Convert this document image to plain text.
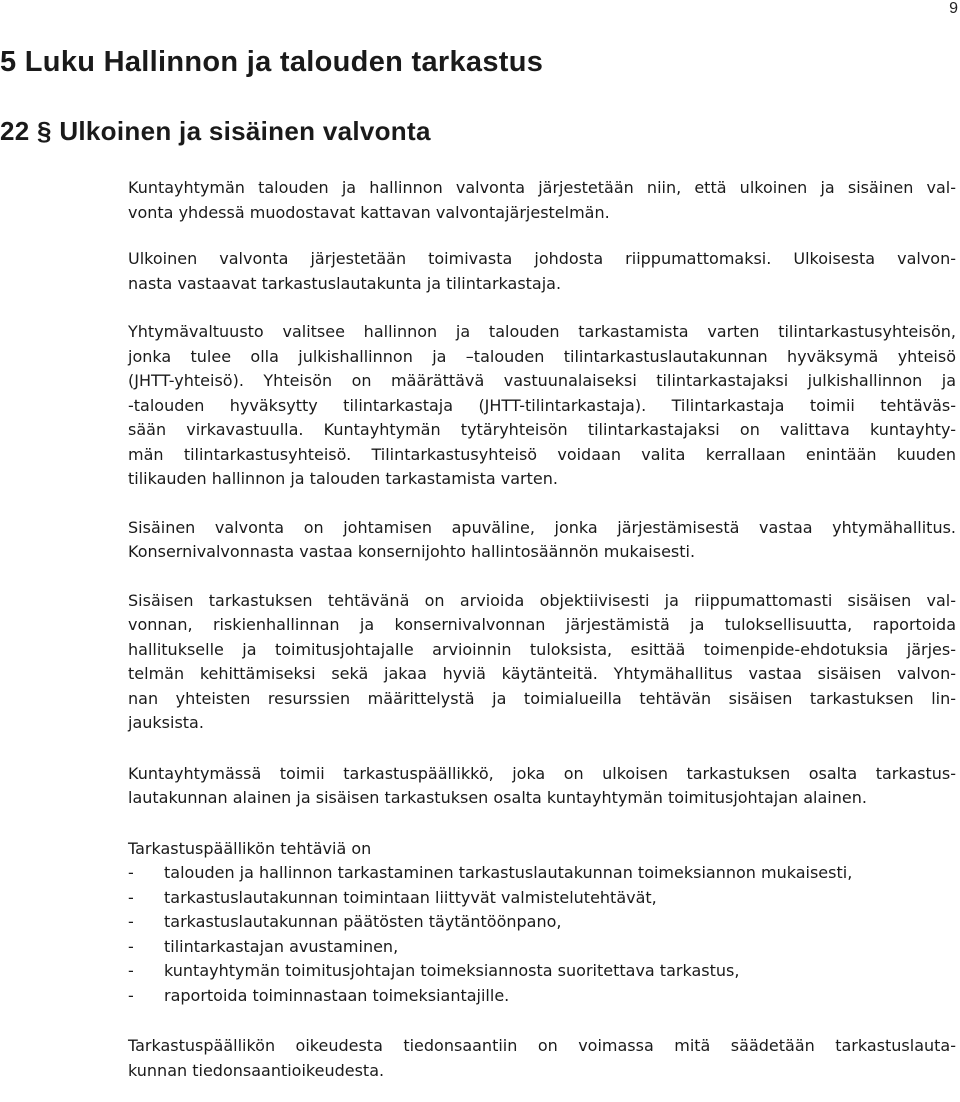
9
5 Luku Hallinnon ja talouden tarkastus
22 § Ulkoinen ja sisäinen valvonta

Kuntayhtymän talouden ja hallinnon valvonta järjestetään niin, että ulkoinen ja sisäinen val-
vonta yhdessä muodostavat kattavan valvontajärjestelmän.

Ulkoinen valvonta järjestetään toimivasta johdosta riippumattomaksi. Ulkoisesta valvon-
nasta vastaavat tarkastuslautakunta ja tilintarkastaja.

Yhtymävaltuusto valitsee hallinnon ja talouden tarkastamista varten tilintarkastusyhteisön,
jonka tulee olla julkishallinnon ja –talouden tilintarkastuslautakunnan hyväksymä yhteisö
(JHTT-yhteisö). Yhteisön on määrättävä vastuunalaiseksi tilintarkastajaksi julkishallinnon ja
-talouden hyväksytty tilintarkastaja (JHTT-tilintarkastaja). Tilintarkastaja toimii tehtäväs-
sään virkavastuulla. Kuntayhtymän tytäryhteisön tilintarkastajaksi on valittava kuntayhty-
män tilintarkastusyhteisö. Tilintarkastusyhteisö voidaan valita kerrallaan enintään kuuden
tilikauden hallinnon ja talouden tarkastamista varten.

Sisäinen valvonta on johtamisen apuväline, jonka järjestämisestä vastaa yhtymähallitus.
Konsernivalvonnasta vastaa konsernijohto hallintosäännön mukaisesti.

Sisäisen tarkastuksen tehtävänä on arvioida objektiivisesti ja riippumattomasti sisäisen val-
vonnan, riskienhallinnan ja konsernivalvonnan järjestämistä ja tuloksellisuutta, raportoida
hallitukselle ja toimitusjohtajalle arvioinnin tuloksista, esittää toimenpide-ehdotuksia järjes-
telmän kehittämiseksi sekä jakaa hyviä käytänteitä. Yhtymähallitus vastaa sisäisen valvon-
nan yhteisten resurssien määrittelystä ja toimialueilla tehtävän sisäisen tarkastuksen lin-
jauksista.

Kuntayhtymässä toimii tarkastuspäällikkö, joka on ulkoisen tarkastuksen osalta tarkastus-
lautakunnan alainen ja sisäisen tarkastuksen osalta kuntayhtymän toimitusjohtajan alainen.

Tarkastuspäällikön tehtäviä on

-	talouden ja hallinnon tarkastaminen tarkastuslautakunnan toimeksiannon mukaisesti,
-	tarkastuslautakunnan toimintaan liittyvät valmistelutehtävät,
-	tarkastuslautakunnan päätösten täytäntöönpano,
-	tilintarkastajan avustaminen,
-	kuntayhtymän toimitusjohtajan toimeksiannosta suoritettava tarkastus,
-	raportoida toiminnastaan toimeksiantajille.

Tarkastuspäällikön oikeudesta tiedonsaantiin on voimassa mitä säädetään tarkastuslauta-
kunnan tiedonsaantioikeudesta.
